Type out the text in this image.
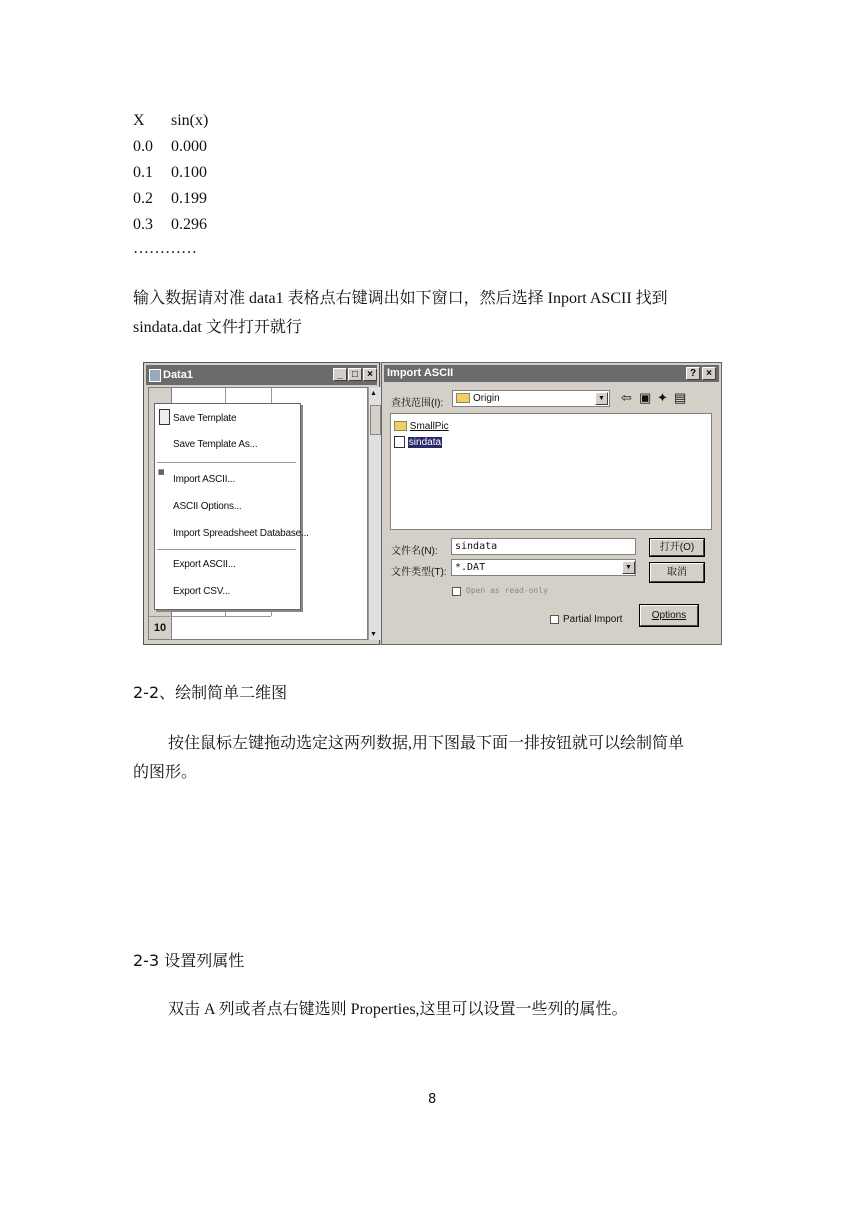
X sin(x)
0.0 0.000
0.1 0.100
0.2 0.199
0.3 0.296
…………
输入数据请对准 data1 表格点右键调出如下窗口，然后选择 Inport ASCII 找到
sindata.dat 文件打开就行
Data1	_ □ ×
10
▲
▼
Save Template
Save Template As...
▦
Import ASCII...
ASCII Options...
Import Spreadsheet Database...
Export ASCII...
Export CSV...
Import ASCII	?	×
查找范围(I):	Origin	▼ ⇦ ▣ ✦ ▤
SmallPic
sindata
文件名(N):	sindata	打开(O)
文件类型(T): *.DAT	▼	取消
Open as read-only
Partial Import	Options
2-2、绘制简单二维图
按住鼠标左键拖动选定这两列数据,用下图最下面一排按钮就可以绘制简单
的图形。
2-3 设置列属性
双击 A 列或者点右键选则 Properties,这里可以设置一些列的属性。
8
